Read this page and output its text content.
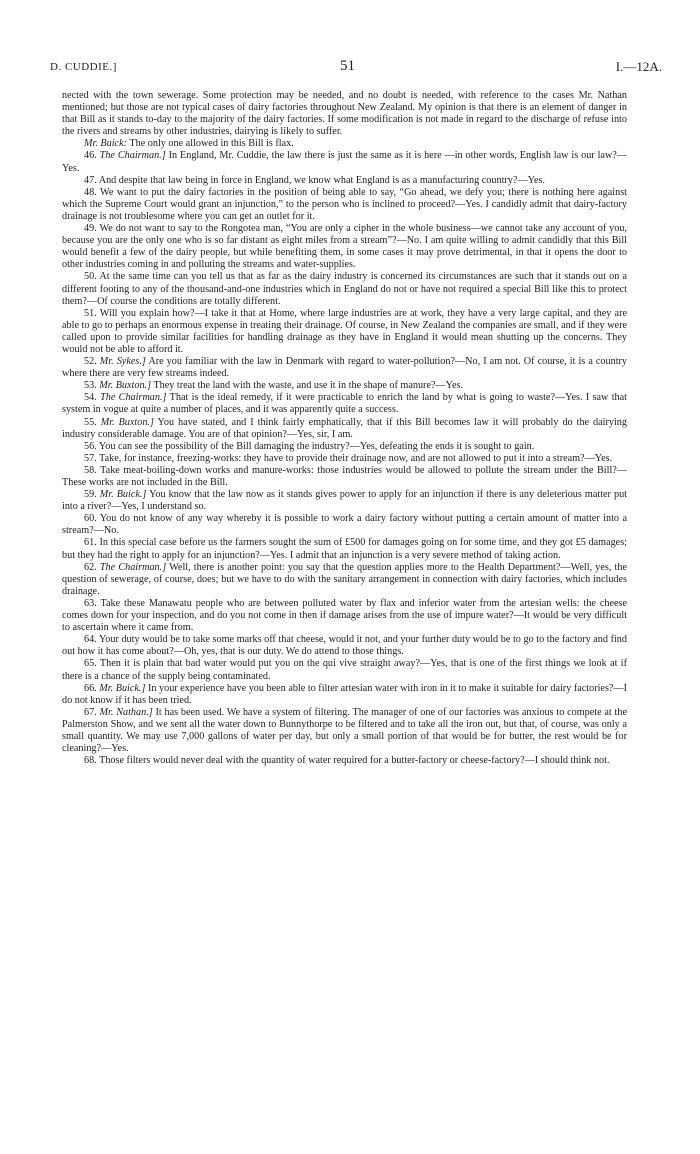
D. CUDDIE.]	51	I.—12A.

nected with the town sewerage. Some protection may be needed, and no doubt is needed, with reference to the cases Mr. Nathan mentioned; but those are not typical cases of dairy factories throughout New Zealand. My opinion is that there is an element of danger in that Bill as it stands to-day to the majority of the dairy factories. If some modification is not made in regard to the discharge of refuse into the rivers and streams by other industries, dairying is likely to suffer.

Mr. Buick: The only one allowed in this Bill is flax.

46. The Chairman.] In England, Mr. Cuddie, the law there is just the same as it is here —in other words, English law is our law?—Yes.

47. And despite that law being in force in England, we know what England is as a manufacturing country?—Yes.

48. We want to put the dairy factories in the position of being able to say, “Go ahead, we defy you; there is nothing here against which the Supreme Court would grant an injunction,” to the person who is inclined to proceed?—Yes. I candidly admit that dairy-factory drainage is not troublesome where you can get an outlet for it.

49. We do not want to say to the Rongotea man, “You are only a cipher in the whole business—we cannot take any account of you, because you are the only one who is so far distant as eight miles from a stream”?—No. I am quite willing to admit candidly that this Bill would benefit a few of the dairy people, but while benefiting them, in some cases it may prove detrimental, in that it opens the door to other industries coming in and polluting the streams and water-supplies.

50. At the same time can you tell us that as far as the dairy industry is concerned its circumstances are such that it stands out on a different footing to any of the thousand-and-one industries which in England do not or have not required a special Bill like this to protect them?—Of course the conditions are totally different.

51. Will you explain how?—I take it that at Home, where large industries are at work, they have a very large capital, and they are able to go to perhaps an enormous expense in treating their drainage. Of course, in New Zealand the companies are small, and if they were called upon to provide similar facilities for handling drainage as they have in England it would mean shutting up the concerns. They would not be able to afford it.

52. Mr. Sykes.] Are you familiar with the law in Denmark with regard to water-pollution?—No, I am not. Of course, it is a country where there are very few streams indeed.

53. Mr. Buxton.] They treat the land with the waste, and use it in the shape of manure?—Yes.

54. The Chairman.] That is the ideal remedy, if it were practicable to enrich the land by what is going to waste?—Yes. I saw that system in vogue at quite a number of places, and it was apparently quite a success.

55. Mr. Buxton.] You have stated, and I think fairly emphatically, that if this Bill becomes law it will probably do the dairying industry considerable damage. You are of that opinion?—Yes, sir, I am.

56. You can see the possibility of the Bill damaging the industry?—Yes, defeating the ends it is sought to gain.

57. Take, for instance, freezing-works: they have to provide their drainage now, and are not allowed to put it into a stream?—Yes.

58. Take meat-boiling-down works and manure-works: those industries would be allowed to pollute the stream under the Bill?—These works are not included in the Bill.

59. Mr. Buick.] You know that the law now as it stands gives power to apply for an injunction if there is any deleterious matter put into a river?—Yes, I understand so.

60. You do not know of any way whereby it is possible to work a dairy factory without putting a certain amount of matter into a stream?—No.

61. In this special case before us the farmers sought the sum of £500 for damages going on for some time, and they got £5 damages; but they had the right to apply for an injunction?—Yes. I admit that an injunction is a very severe method of taking action.

62. The Chairman.] Well, there is another point: you say that the question applies more to the Health Department?—Well, yes, the question of sewerage, of course, does; but we have to do with the sanitary arrangement in connection with dairy factories, which includes drainage.

63. Take these Manawatu people who are between polluted water by flax and inferior water from the artesian wells: the cheese comes down for your inspection, and do you not come in then if damage arises from the use of impure water?—It would be very difficult to ascertain where it came from.

64. Your duty would be to take some marks off that cheese, would it not, and your further duty would be to go to the factory and find out how it has come about?—Oh, yes, that is our duty. We do attend to those things.

65. Then it is plain that bad water would put you on the qui vive straight away?—Yes, that is one of the first things we look at if there is a chance of the supply being contaminated.

66. Mr. Buick.] In your experience have you been able to filter artesian water with iron in it to make it suitable for dairy factories?—I do not know if it has been tried.

67. Mr. Nathan.] It has been used. We have a system of filtering. The manager of one of our factories was anxious to compete at the Palmerston Show, and we sent all the water down to Bunnythorpe to be filtered and to take all the iron out, but that, of course, was only a small quantity. We may use 7,000 gallons of water per day, but only a small portion of that would be for butter, the rest would be for cleaning?—Yes.

68. Those filters would never deal with the quantity of water required for a butter-factory or cheese-factory?—I should think not.
